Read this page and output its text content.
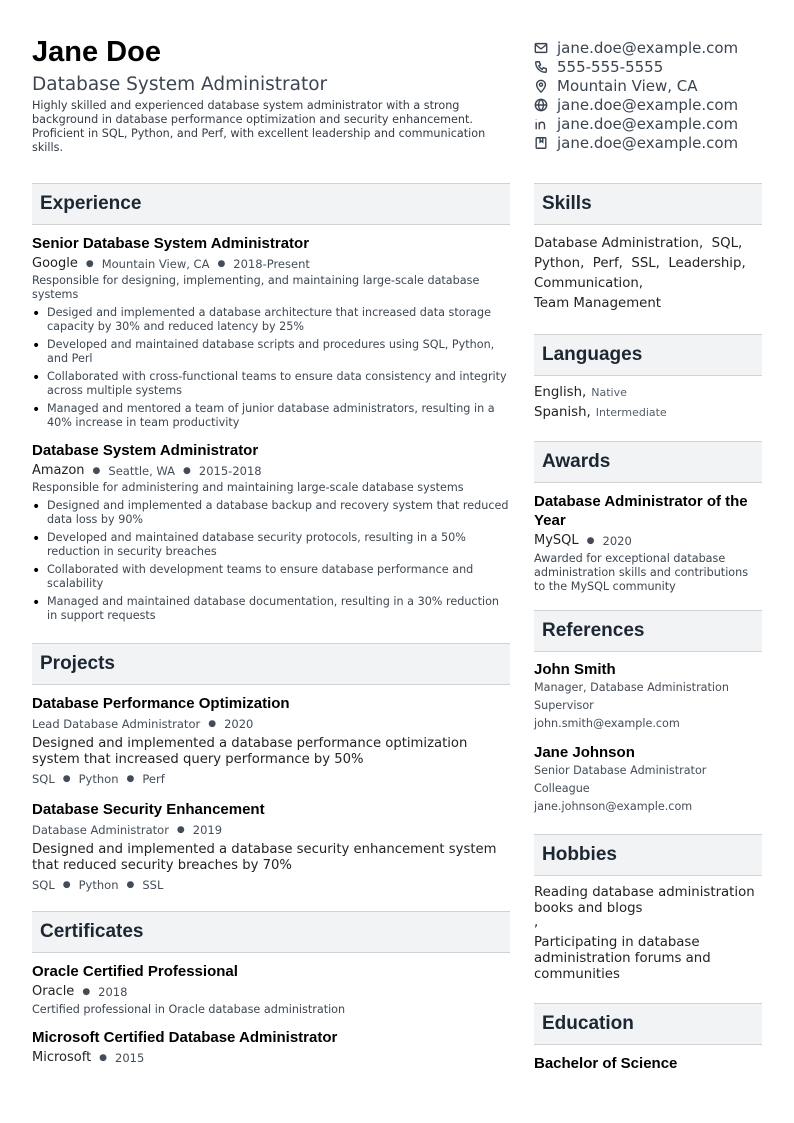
Jane Doe
Database System Administrator
Highly skilled and experienced database system administrator with a strong background in database performance optimization and security enhancement. Proficient in SQL, Python, and Perf, with excellent leadership and communication skills.
jane.doe@example.com
555-555-5555
Mountain View, CA
jane.doe@example.com
jane.doe@example.com
jane.doe@example.com
Experience
Senior Database System Administrator
Google ● Mountain View, CA ● 2018-Present
Responsible for designing, implementing, and maintaining large-scale database systems
• Desiged and implemented a database architecture that increased data storage capacity by 30% and reduced latency by 25%
• Developed and maintained database scripts and procedures using SQL, Python, and Perl
• Collaborated with cross-functional teams to ensure data consistency and integrity across multiple systems
• Managed and mentored a team of junior database administrators, resulting in a 40% increase in team productivity
Database System Administrator
Amazon ● Seattle, WA ● 2015-2018
Responsible for administering and maintaining large-scale database systems
• Designed and implemented a database backup and recovery system that reduced data loss by 90%
• Developed and maintained database security protocols, resulting in a 50% reduction in security breaches
• Collaborated with development teams to ensure database performance and scalability
• Managed and maintained database documentation, resulting in a 30% reduction in support requests
Projects
Database Performance Optimization
Lead Database Administrator ● 2020
Designed and implemented a database performance optimization system that increased query performance by 50%
SQL ● Python ● Perf
Database Security Enhancement
Database Administrator ● 2019
Designed and implemented a database security enhancement system that reduced security breaches by 70%
SQL ● Python ● SSL
Certificates
Oracle Certified Professional
Oracle ● 2018
Certified professional in Oracle database administration
Microsoft Certified Database Administrator
Microsoft ● 2015
Skills
Database Administration, SQL,
Python, Perf, SSL, Leadership,
Communication,
Team Management
Languages
English, Native
Spanish, Intermediate
Awards
Database Administrator of the Year
MySQL ● 2020
Awarded for exceptional database administration skills and contributions to the MySQL community
References
John Smith
Manager, Database Administration
Supervisor
john.smith@example.com
Jane Johnson
Senior Database Administrator
Colleague
jane.johnson@example.com
Hobbies
Reading database administration books and blogs
,
Participating in database administration forums and communities
Education
Bachelor of Science
